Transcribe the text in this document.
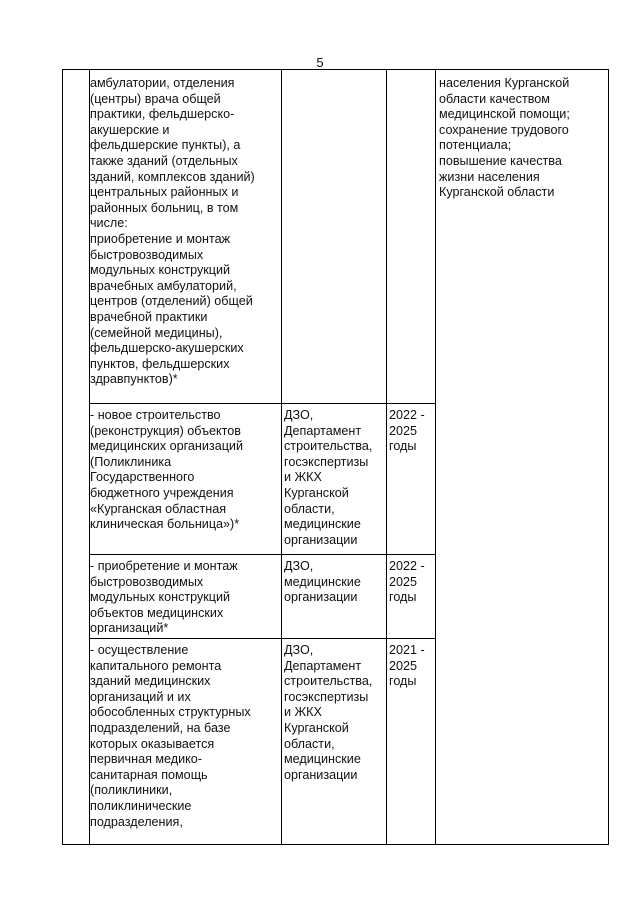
5
амбулатории, отделения
(центры) врача общей
практики, фельдшерско-
акушерские и
фельдшерские пункты), а
также зданий (отдельных
зданий, комплексов зданий)
центральных районных и
районных больниц, в том
числе:
приобретение и монтаж
быстровозводимых
модульных конструкций
врачебных амбулаторий,
центров (отделений) общей
врачебной практики
(семейной медицины),
фельдшерско-акушерских
пунктов, фельдшерских
здравпунктов)*
- новое строительство
(реконструкция) объектов
медицинских организаций
(Поликлиника
Государственного
бюджетного учреждения
«Курганская областная
клиническая больница»)*
ДЗО,
Департамент
строительства,
госэкспертизы
и ЖКХ
Курганской
области,
медицинские
организации
2022 -
2025
годы
- приобретение и монтаж
быстровозводимых
модульных конструкций
объектов медицинских
организаций*
ДЗО,
медицинские
организации
2022 -
2025
годы
- осуществление
капитального ремонта
зданий медицинских
организаций и их
обособленных структурных
подразделений, на базе
которых оказывается
первичная медико-
санитарная помощь
(поликлиники,
поликлинические
подразделения,
ДЗО,
Департамент
строительства,
госэкспертизы
и ЖКХ
Курганской
области,
медицинские
организации
2021 -
2025
годы
населения Курганской
области качеством
медицинской помощи;
сохранение трудового
потенциала;
повышение качества
жизни населения
Курганской области
